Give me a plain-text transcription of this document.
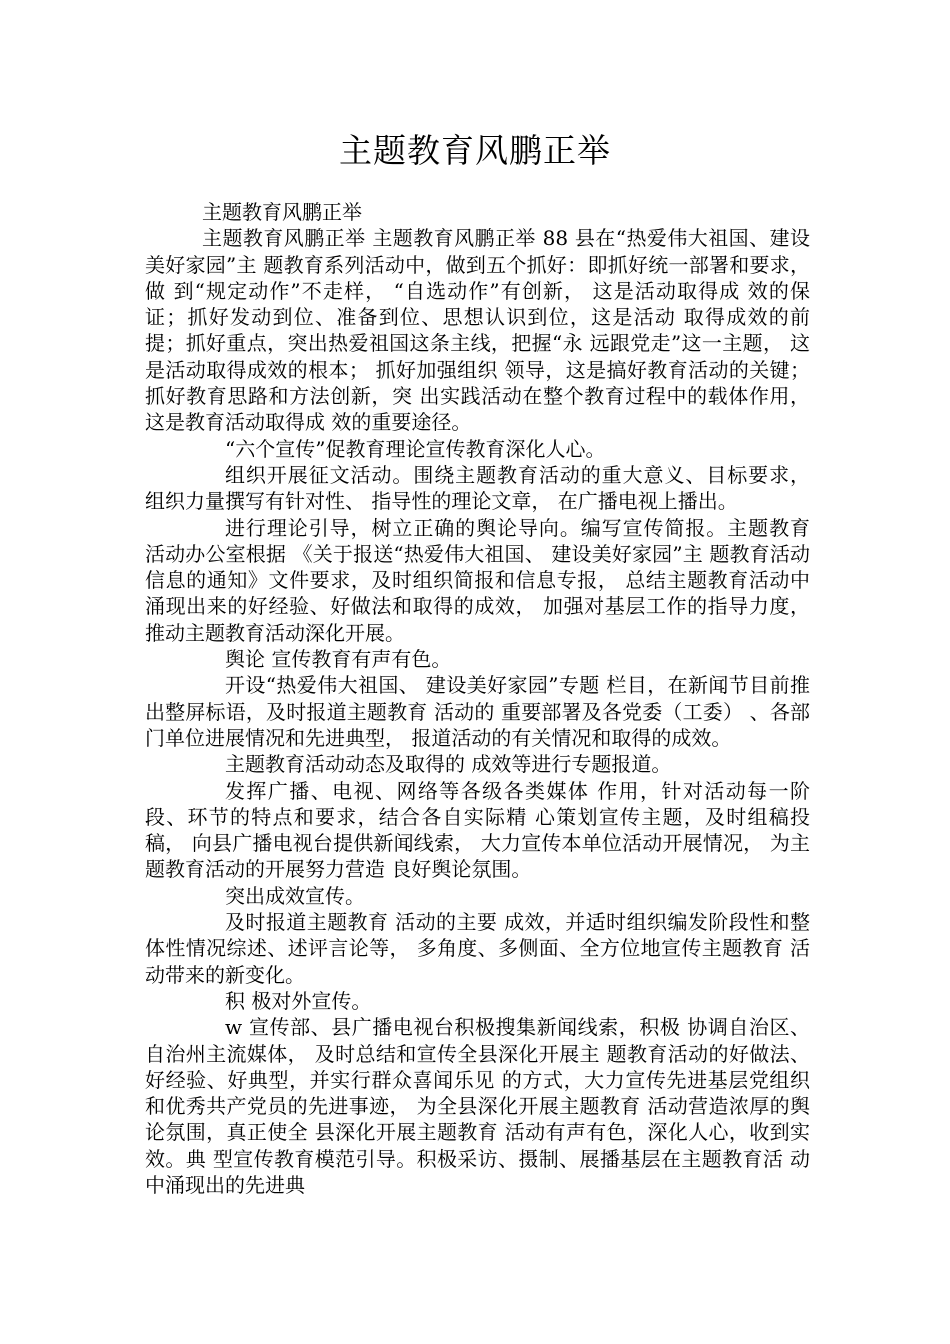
主题教育风鹏正举

主题教育风鹏正举

主题教育风鹏正举 主题教育风鹏正举 88 县在“热爱伟大祖国、建设美好家园”主 题教育系列活动中，做到五个抓好：即抓好统一部署和要求，做 到“规定动作”不走样， “自选动作”有创新， 这是活动取得成 效的保证；抓好发动到位、准备到位、思想认识到位，这是活动 取得成效的前提；抓好重点，突出热爱祖国这条主线，把握“永 远跟党走”这一主题， 这是活动取得成效的根本； 抓好加强组织 领导，这是搞好教育活动的关键；抓好教育思路和方法创新，突 出实践活动在整个教育过程中的载体作用， 这是教育活动取得成 效的重要途径。

“六个宣传”促教育理论宣传教育深化人心。

组织开展征文活动。围绕主题教育活动的重大意义、目标要求， 组织力量撰写有针对性、 指导性的理论文章， 在广播电视上播出。

进行理论引导，树立正确的舆论导向。编写宣传简报。主题教育 活动办公室根据 《关于报送“热爱伟大祖国、 建设美好家园”主 题教育活动信息的通知》文件要求，及时组织简报和信息专报， 总结主题教育活动中涌现出来的好经验、好做法和取得的成效， 加强对基层工作的指导力度， 推动主题教育活动深化开展。

舆论 宣传教育有声有色。

开设“热爱伟大祖国、 建设美好家园”专题 栏目，在新闻节目前推出整屏标语，及时报道主题教育 活动的 重要部署及各党委（工委） 、各部门单位进展情况和先进典型， 报道活动的有关情况和取得的成效。

主题教育活动动态及取得的 成效等进行专题报道。

发挥广播、电视、网络等各级各类媒体 作用，针对活动每一阶段、环节的特点和要求，结合各自实际精 心策划宣传主题，及时组稿投稿， 向县广播电视台提供新闻线索， 大力宣传本单位活动开展情况， 为主题教育活动的开展努力营造 良好舆论氛围。

突出成效宣传。

及时报道主题教育 活动的主要 成效，并适时组织编发阶段性和整体性情况综述、述评言论等， 多角度、多侧面、全方位地宣传主题教育 活动带来的新变化。

积 极对外宣传。

w 宣传部、县广播电视台积极搜集新闻线索，积极 协调自治区、 自治州主流媒体， 及时总结和宣传全县深化开展主 题教育活动的好做法、好经验、好典型，并实行群众喜闻乐见 的方式，大力宣传先进基层党组织和优秀共产党员的先进事迹， 为全县深化开展主题教育 活动营造浓厚的舆论氛围，真正使全 县深化开展主题教育 活动有声有色，深化人心，收到实效。典 型宣传教育模范引导。积极采访、摄制、展播基层在主题教育活 动中涌现出的先进典
